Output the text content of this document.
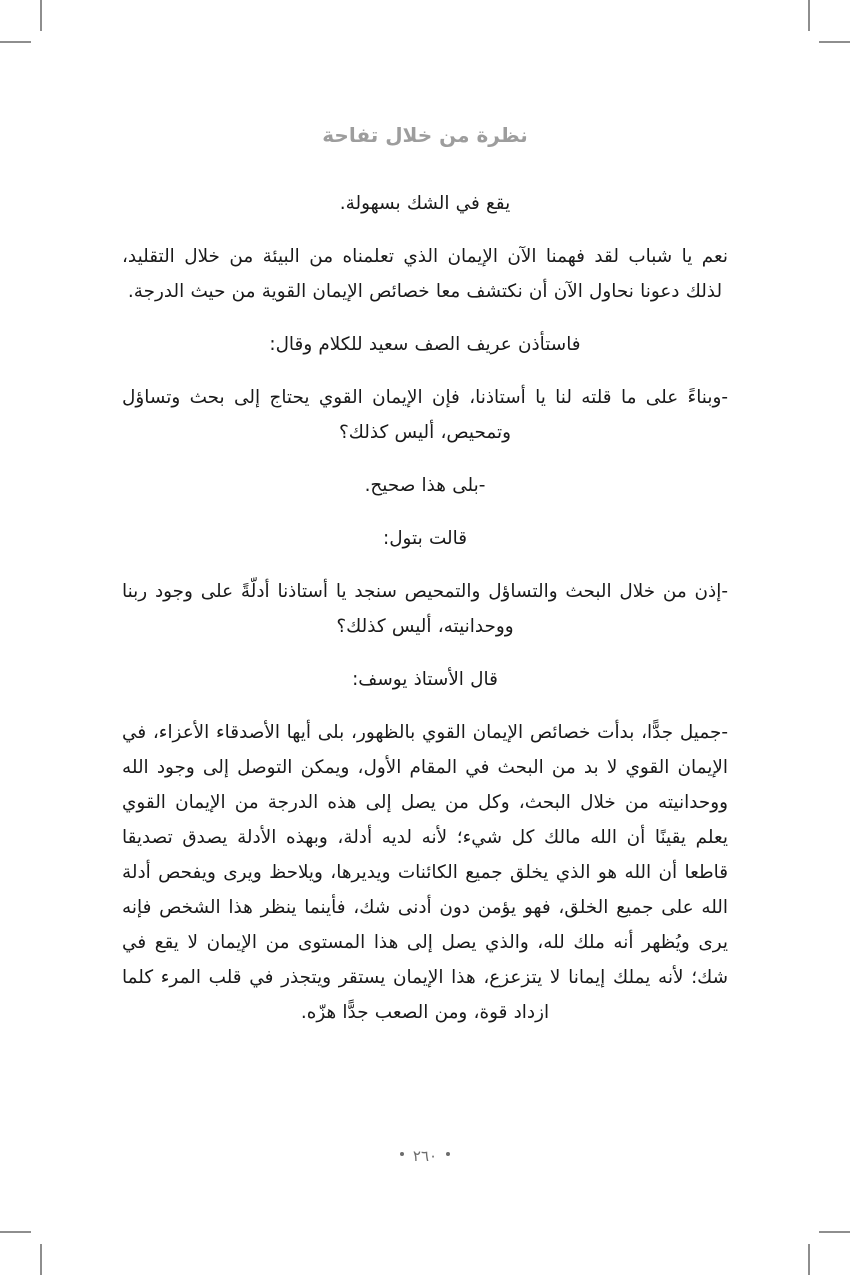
نظرة من خلال تفاحة

يقع في الشك بسهولة.

نعم يا شباب لقد فهمنا الآن الإيمان الذي تعلمناه من البيئة من خلال التقليد، لذلك دعونا نحاول الآن أن نكتشف معا خصائص الإيمان القوية من حيث الدرجة.

فاستأذن عريف الصف سعيد للكلام وقال:

-وبناءً على ما قلته لنا يا أستاذنا، فإن الإيمان القوي يحتاج إلى بحث وتساؤل وتمحيص، أليس كذلك؟

-بلى هذا صحيح.

قالت بتول:

-إذن من خلال البحث والتساؤل والتمحيص سنجد يا أستاذنا أدلّةً على وجود ربنا ووحدانيته، أليس كذلك؟

قال الأستاذ يوسف:

-جميل جدًّا، بدأت خصائص الإيمان القوي بالظهور، بلى أيها الأصدقاء الأعزاء، في الإيمان القوي لا بد من البحث في المقام الأول، ويمكن التوصل إلى وجود الله ووحدانيته من خلال البحث، وكل من يصل إلى هذه الدرجة من الإيمان القوي يعلم يقينًا أن الله مالك كل شيء؛ لأنه لديه أدلة، وبهذه الأدلة يصدق تصديقا قاطعا أن الله هو الذي يخلق جميع الكائنات ويديرها، ويلاحظ ويرى ويفحص أدلة الله على جميع الخلق، فهو يؤمن دون أدنى شك، فأينما ينظر هذا الشخص فإنه يرى ويُظهر أنه ملك لله، والذي يصل إلى هذا المستوى من الإيمان لا يقع في شك؛ لأنه يملك إيمانا لا يتزعزع، هذا الإيمان يستقر ويتجذر في قلب المرء كلما ازداد قوة، ومن الصعب جدًّا هزّه.

٢٦٠
